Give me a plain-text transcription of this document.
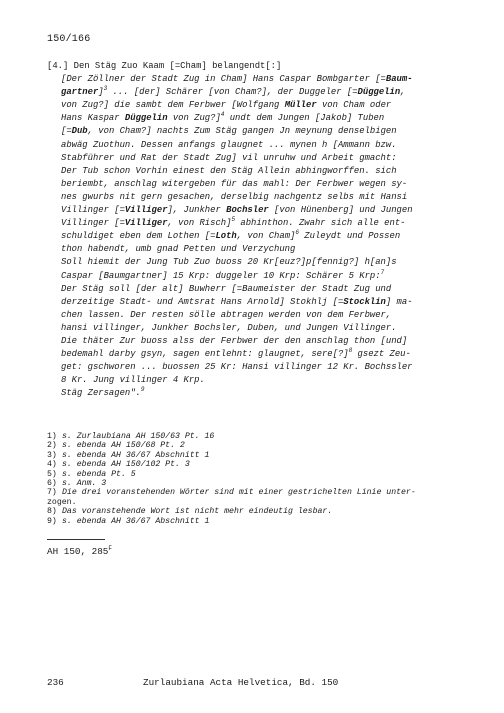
150/166
[4.] Den Stäg Zuo Kaam [=Cham] belangendt[:]
[Der Zöllner der Stadt Zug in Cham] Hans Caspar Bombgarter [=Baum-
gartner]$^3$ ... [der] Schärer [von Cham?], der Duggeler [=Düggelin,
von Zug?] die sambt dem Ferbwer [Wolfgang Müller von Cham oder
Hans Kaspar Düggelin von Zug?]$^4$ undt dem Jungen [Jakob] Tuben
[=Dub, von Cham?] nachts Zum Stäg gangen Jn meynung denselbigen
abwäg Zuothun. Dessen anfangs glaugnet ... mynen h [Ammann bzw.
Stabführer und Rat der Stadt Zug] vil unruhw und Arbeit gmacht:
Der Tub schon Vorhin einest den Stäg Allein abhingworffen. sich
beriembt, anschlag witergeben für das mahl: Der Ferbwer wegen sy-
nes gwurbs nit gern gesachen, derselbig nachgentz selbs mit Hansi
Villinger [=Villiger], Junkher Bochsler [von Hünenberg] und Jungen
Villinger [=Villiger, von Risch]$^5$ abhinthon. Zwahr sich alle ent-
schuldiget eben dem Lothen [=Loth, von Cham]$^6$ Zuleydt und Possen
thon habendt, umb gnad Petten und Verzychung
Soll hiemit der Jung Tub Zuo buoss 20 Kr[euz?]p[fennig?] h[an]s
Caspar [Baumgartner] 15 Krp: duggeler 10 Krp: Schärer 5 Krp:$^7$
Der Stäg soll [der alt] Buwherr [=Baumeister der Stadt Zug und
derzeitige Stadt- und Amtsrat Hans Arnold] Stokhlj [=Stocklin] ma-
chen lassen. Der resten sölle abtragen werden von dem Ferbwer,
hansi villinger, Junkher Bochsler, Duben, und Jungen Villinger.
Die thäter Zur buoss alss der Ferbwer der den anschlag thon [und]
bedemahl darby gsyn, sagen entlehnt: glaugnet, sere[?]$^8$ gsezt Zeu-
get: gschworen ... buossen 25 Kr: Hansi villinger 12 Kr. Bochssler
8 Kr. Jung villinger 4 Krp.
Stäg Zersagen".$^9$
1) s. Zurlaubiana AH 150/63 Pt. 16
2) s. ebenda AH 150/68 Pt. 2
3) s. ebenda AH 36/67 Abschnitt 1
4) s. ebenda AH 150/102 Pt. 3
5) s. ebenda Pt. 5
6) s. Anm. 3
7) Die drei voranstehenden Wörter sind mit einer gestrichelten Linie unter-
zogen.
8) Das voranstehende Wort ist nicht mehr eindeutig lesbar.
9) s. ebenda AH 36/67 Abschnitt 1
AH 150, $285^F$

236

	Zurlaubiana Acta Helvetica, Bd. 150
